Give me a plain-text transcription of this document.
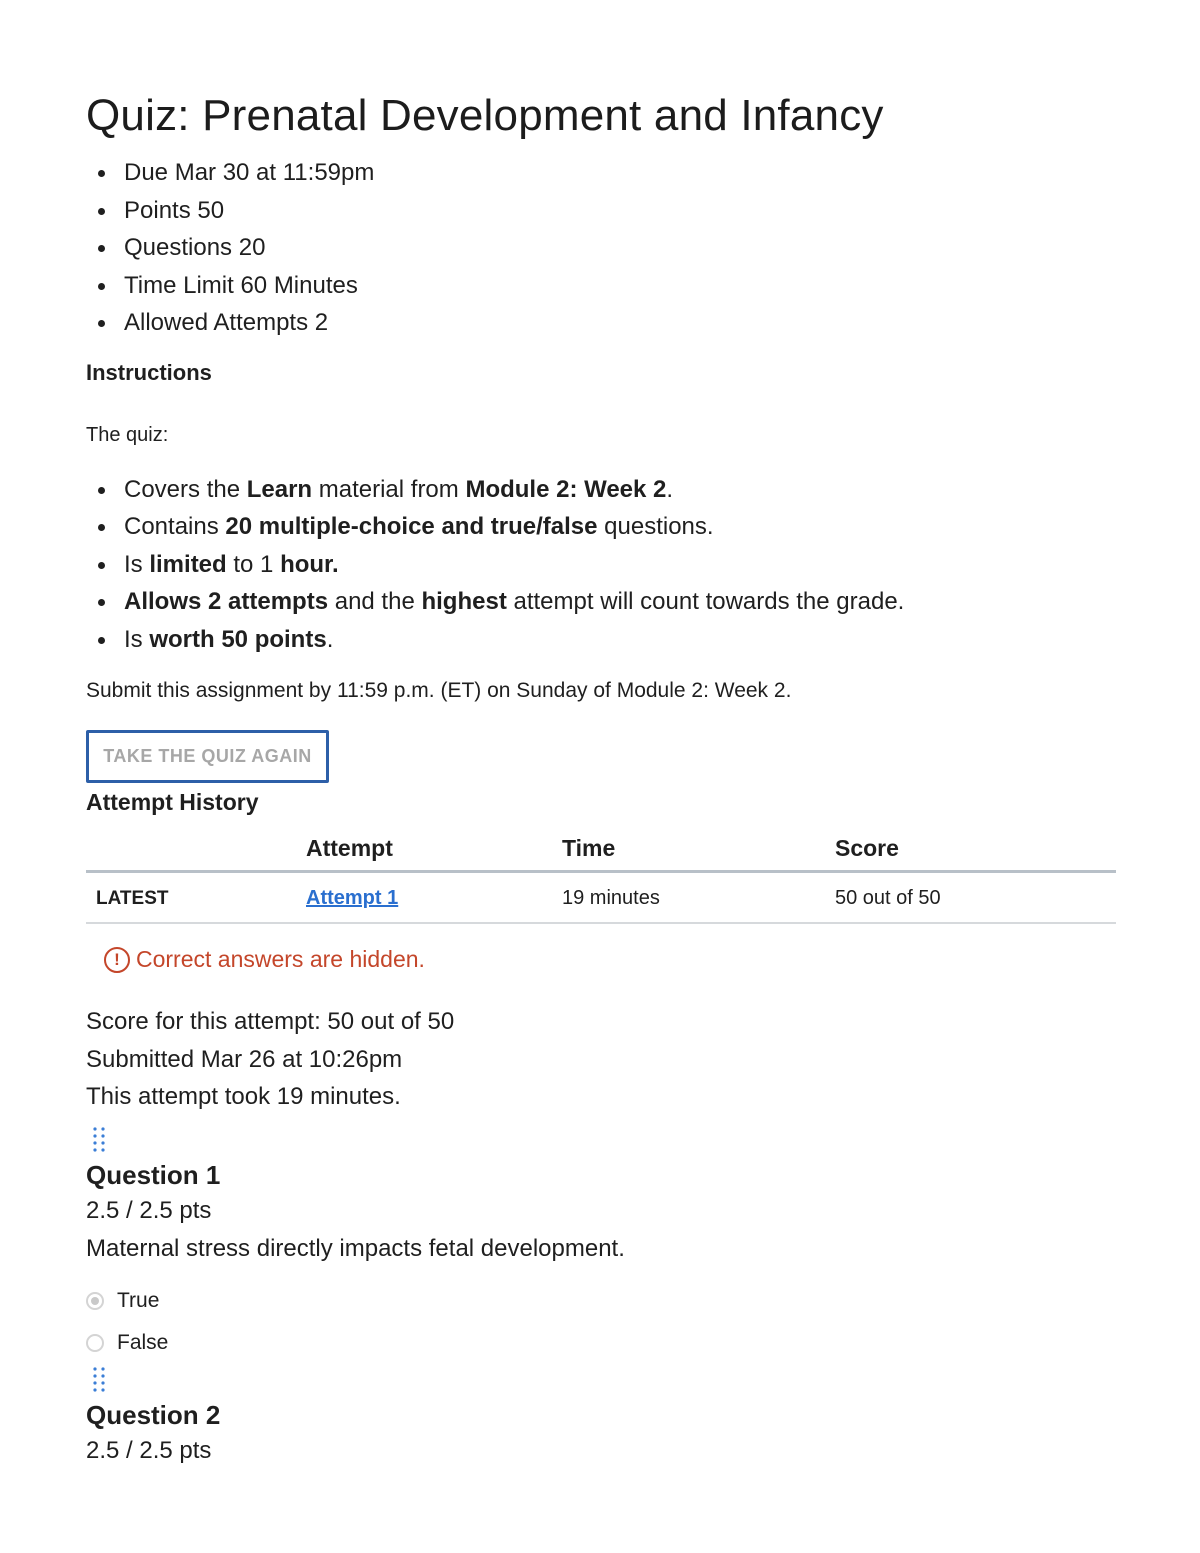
Quiz: Prenatal Development and Infancy
Due Mar 30 at 11:59pm
Points 50
Questions 20
Time Limit 60 Minutes
Allowed Attempts 2
Instructions
The quiz:
Covers the Learn material from Module 2: Week 2.
Contains 20 multiple-choice and true/false questions.
Is limited to 1 hour.
Allows 2 attempts and the highest attempt will count towards the grade.
Is worth 50 points.
Submit this assignment by 11:59 p.m. (ET) on Sunday of Module 2: Week 2.
TAKE THE QUIZ AGAIN
Attempt History
	Attempt	Time	Score
LATEST	Attempt 1	19 minutes	50 out of 50
! Correct answers are hidden.
Score for this attempt: 50 out of 50
Submitted Mar 26 at 10:26pm
This attempt took 19 minutes.
Question 1
2.5 / 2.5 pts
Maternal stress directly impacts fetal development.
True
False
Question 2
2.5 / 2.5 pts
